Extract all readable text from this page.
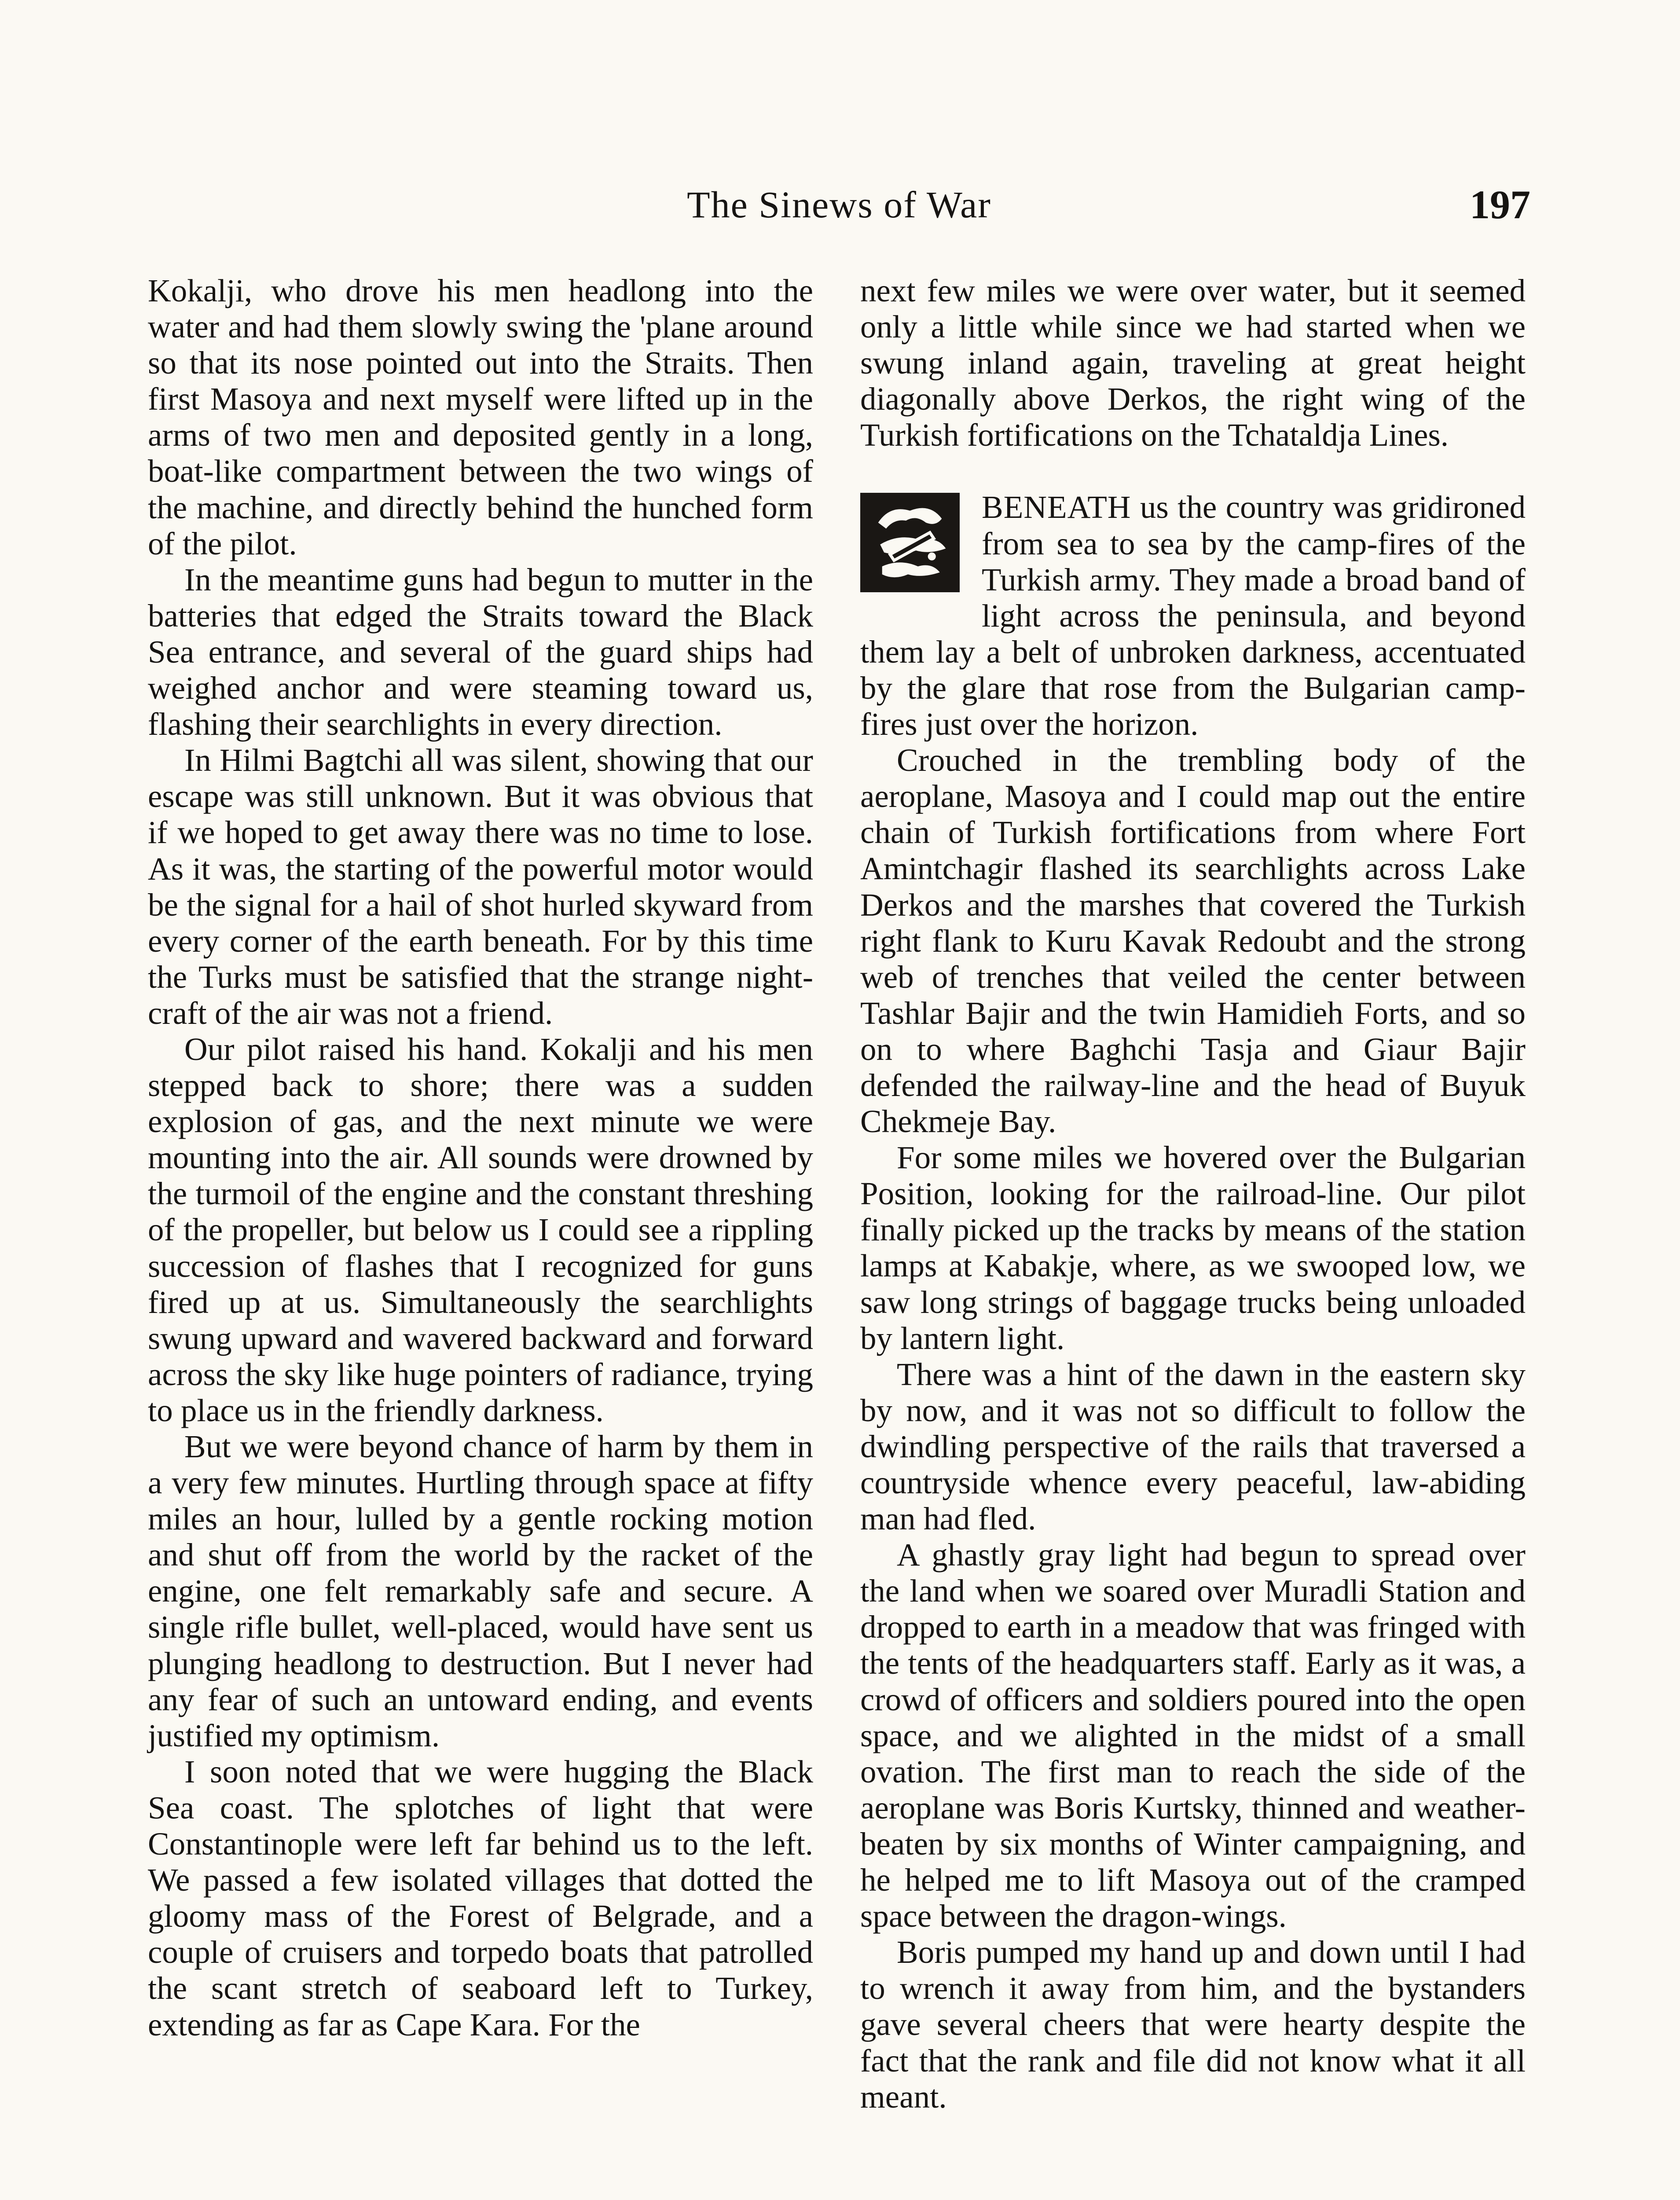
The Sinews of War	197

Kokalji, who drove his men headlong into the water and had them slowly swing the 'plane around so that its nose pointed out into the Straits. Then first Masoya and next myself were lifted up in the arms of two men and deposited gently in a long, boat-like compartment between the two wings of the machine, and directly behind the hunched form of the pilot.

In the meantime guns had begun to mutter in the batteries that edged the Straits toward the Black Sea entrance, and several of the guard ships had weighed anchor and were steaming toward us, flashing their searchlights in every direction.

In Hilmi Bagtchi all was silent, showing that our escape was still unknown. But it was obvious that if we hoped to get away there was no time to lose. As it was, the starting of the powerful motor would be the signal for a hail of shot hurled skyward from every corner of the earth beneath. For by this time the Turks must be satisfied that the strange night-craft of the air was not a friend.

Our pilot raised his hand. Kokalji and his men stepped back to shore; there was a sudden explosion of gas, and the next minute we were mounting into the air. All sounds were drowned by the turmoil of the engine and the constant threshing of the propeller, but below us I could see a rippling succession of flashes that I recognized for guns fired up at us. Simultaneously the searchlights swung upward and wavered backward and forward across the sky like huge pointers of radiance, trying to place us in the friendly darkness.

But we were beyond chance of harm by them in a very few minutes. Hurtling through space at fifty miles an hour, lulled by a gentle rocking motion and shut off from the world by the racket of the engine, one felt remarkably safe and secure. A single rifle bullet, well-placed, would have sent us plunging headlong to destruction. But I never had any fear of such an untoward ending, and events justified my optimism.

I soon noted that we were hugging the Black Sea coast. The splotches of light that were Constantinople were left far behind us to the left. We passed a few isolated villages that dotted the gloomy mass of the Forest of Belgrade, and a couple of cruisers and torpedo boats that patrolled the scant stretch of seaboard left to Turkey, extending as far as Cape Kara. For the

next few miles we were over water, but it seemed only a little while since we had started when we swung inland again, traveling at great height diagonally above Derkos, the right wing of the Turkish fortifications on the Tchataldja Lines.

BENEATH us the country was gridironed from sea to sea by the camp-fires of the Turkish army. They made a broad band of light across the peninsula, and beyond them lay a belt of unbroken darkness, accentuated by the glare that rose from the Bulgarian camp-fires just over the horizon.

Crouched in the trembling body of the aeroplane, Masoya and I could map out the entire chain of Turkish fortifications from where Fort Amintchagir flashed its searchlights across Lake Derkos and the marshes that covered the Turkish right flank to Kuru Kavak Redoubt and the strong web of trenches that veiled the center between Tashlar Bajir and the twin Hamidieh Forts, and so on to where Baghchi Tasja and Giaur Bajir defended the railway-line and the head of Buyuk Chekmeje Bay.

For some miles we hovered over the Bulgarian Position, looking for the railroad-line. Our pilot finally picked up the tracks by means of the station lamps at Kabakje, where, as we swooped low, we saw long strings of baggage trucks being unloaded by lantern light.

There was a hint of the dawn in the eastern sky by now, and it was not so difficult to follow the dwindling perspective of the rails that traversed a countryside whence every peaceful, law-abiding man had fled.

A ghastly gray light had begun to spread over the land when we soared over Muradli Station and dropped to earth in a meadow that was fringed with the tents of the headquarters staff. Early as it was, a crowd of officers and soldiers poured into the open space, and we alighted in the midst of a small ovation. The first man to reach the side of the aeroplane was Boris Kurtsky, thinned and weather-beaten by six months of Winter campaigning, and he helped me to lift Masoya out of the cramped space between the dragon-wings.

Boris pumped my hand up and down until I had to wrench it away from him, and the bystanders gave several cheers that were hearty despite the fact that the rank and file did not know what it all meant.
